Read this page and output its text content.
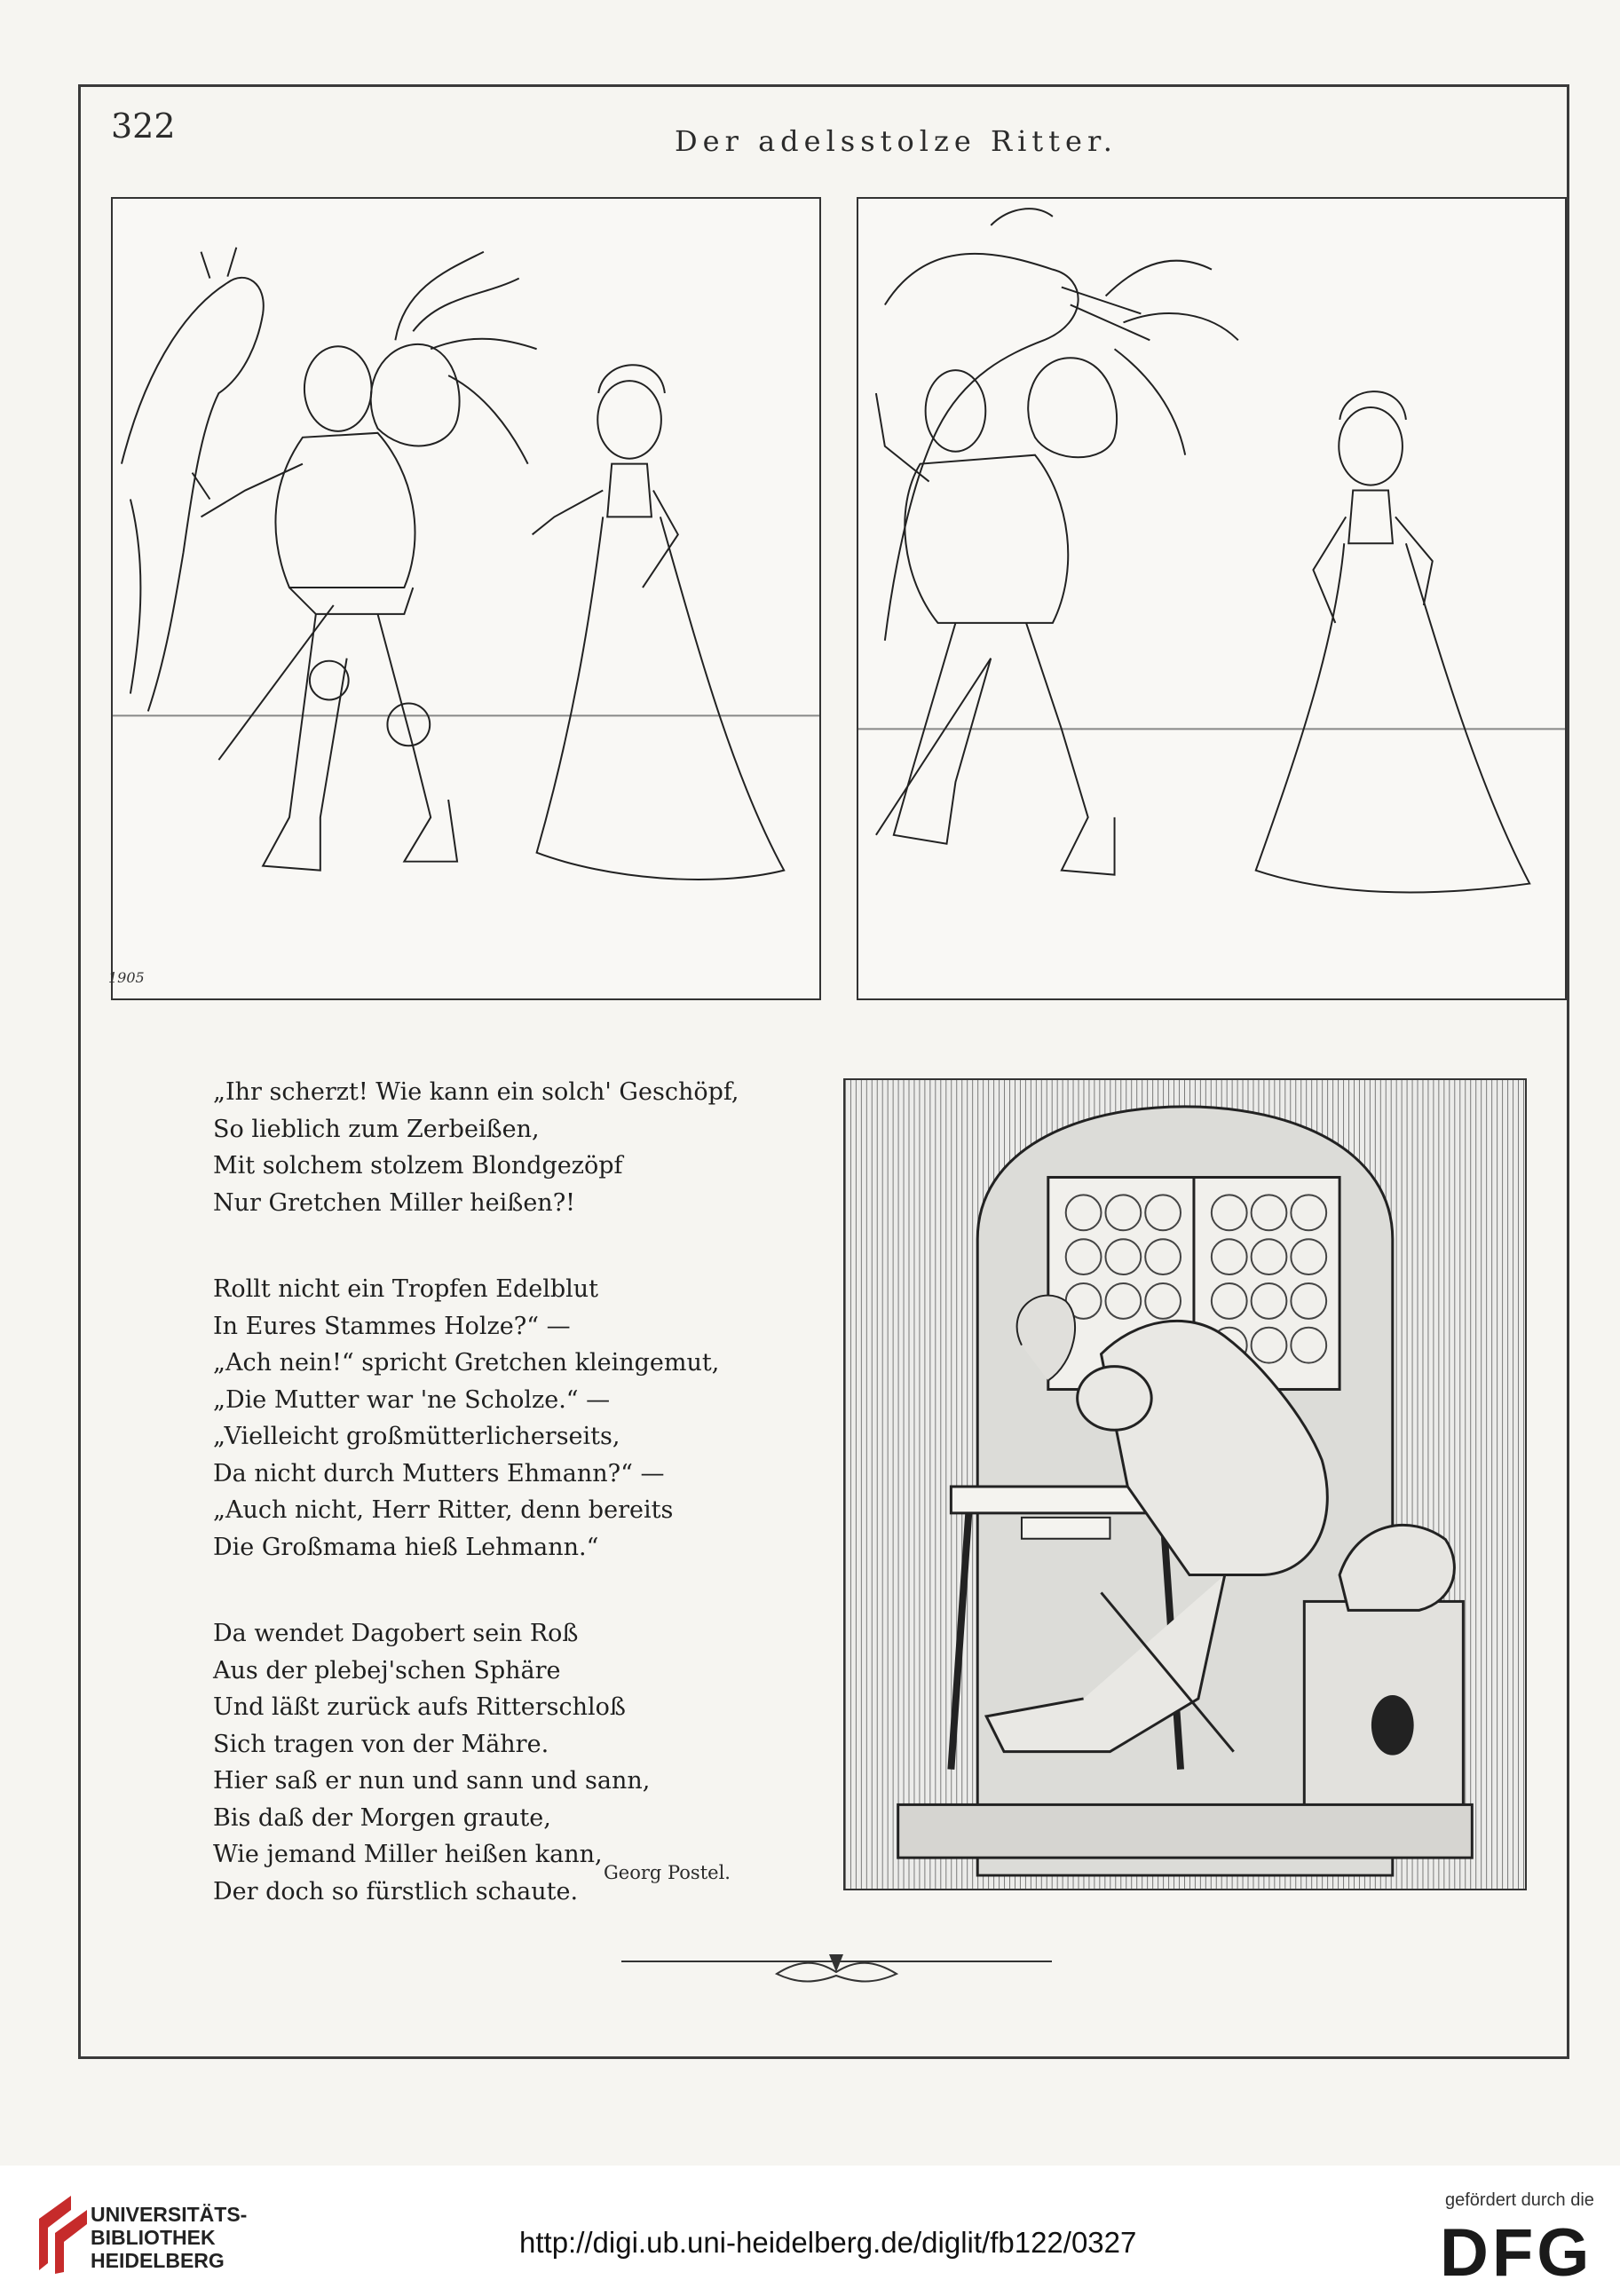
322	Der adelsstolze Ritter.
1905
„Ihr scherzt! Wie kann ein solch' Geschöpf,
So lieblich zum Zerbeißen,
Mit solchem stolzem Blondgezöpf
Nur Gretchen Miller heißen?!
Rollt nicht ein Tropfen Edelblut
In Eures Stammes Holze?“ —
„Ach nein!“ spricht Gretchen kleingemut,
„Die Mutter war 'ne Scholze.“ —
„Vielleicht großmütterlicherseits,
Da nicht durch Mutters Ehmann?“ —
„Auch nicht, Herr Ritter, denn bereits
Die Großmama hieß Lehmann.“
Da wendet Dagobert sein Roß
Aus der plebej'schen Sphäre
Und läßt zurück aufs Ritterschloß
Sich tragen von der Mähre.
Hier saß er nun und sann und sann,
Bis daß der Morgen graute,
Wie jemand Miller heißen kann,
Der doch so fürstlich schaute.
Georg Postel.
UNIVERSITÄTS-
BIBLIOTHEK
HEIDELBERG
http://digi.ub.uni-heidelberg.de/diglit/fb122/0327
gefördert durch die
DFG
